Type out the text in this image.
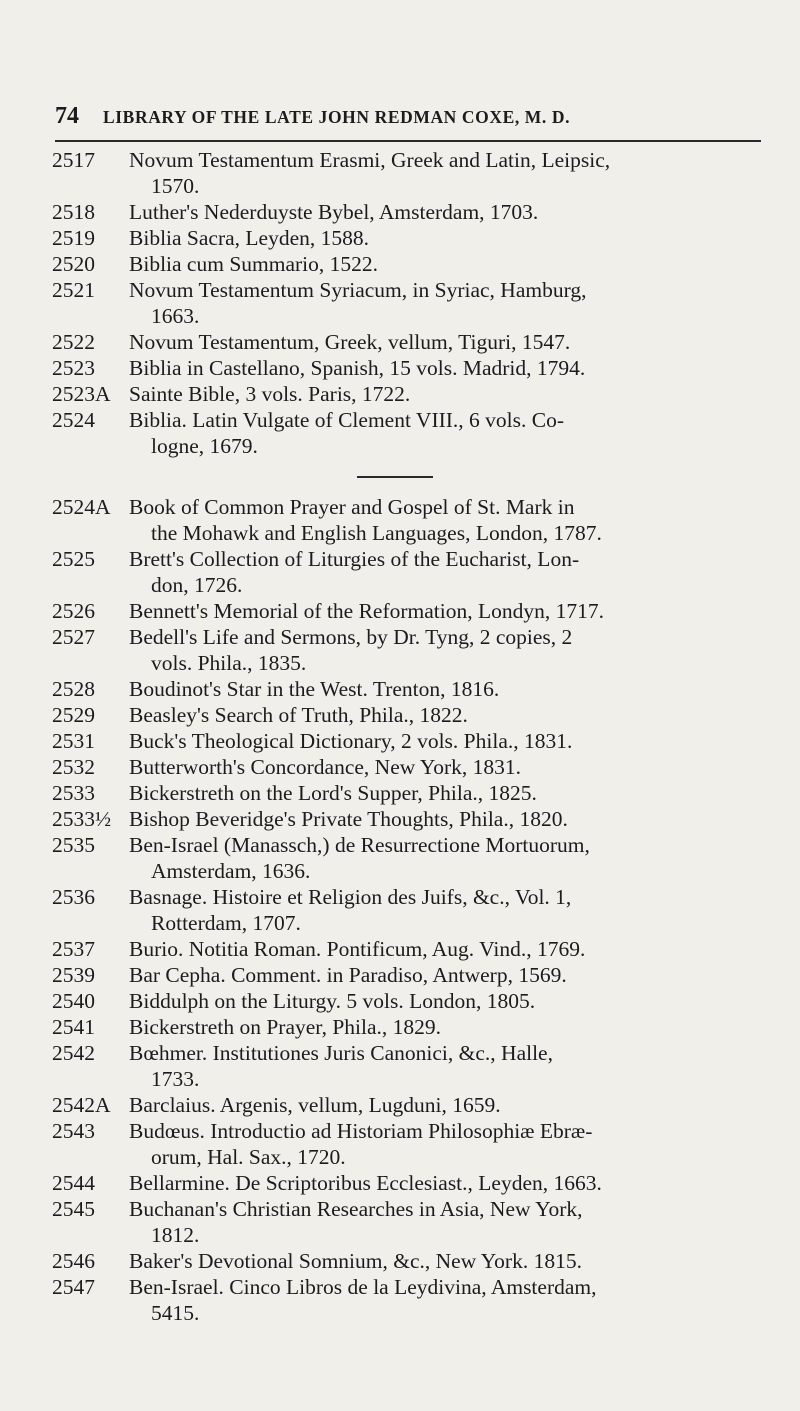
74	LIBRARY OF THE LATE JOHN REDMAN COXE, M. D.
2517	Novum Testamentum Erasmi, Greek and Latin, Leipsic,
1570.
2518	Luther's Nederduyste Bybel, Amsterdam, 1703.
2519	Biblia Sacra, Leyden, 1588.
2520	Biblia cum Summario, 1522.
2521	Novum Testamentum Syriacum, in Syriac, Hamburg,
1663.
2522	Novum Testamentum, Greek, vellum, Tiguri, 1547.
2523	Biblia in Castellano, Spanish, 15 vols. Madrid, 1794.
2523A Sainte Bible, 3 vols. Paris, 1722.
2524	Biblia. Latin Vulgate of Clement VIII., 6 vols. Co-
logne, 1679.
2524A Book of Common Prayer and Gospel of St. Mark in
the Mohawk and English Languages, London, 1787.
2525	Brett's Collection of Liturgies of the Eucharist, Lon-
don, 1726.
2526	Bennett's Memorial of the Reformation, Londyn, 1717.
2527	Bedell's Life and Sermons, by Dr. Tyng, 2 copies, 2
vols. Phila., 1835.
2528	Boudinot's Star in the West. Trenton, 1816.
2529	Beasley's Search of Truth, Phila., 1822.
2531	Buck's Theological Dictionary, 2 vols. Phila., 1831.
2532	Butterworth's Concordance, New York, 1831.
2533	Bickerstreth on the Lord's Supper, Phila., 1825.
2533½ Bishop Beveridge's Private Thoughts, Phila., 1820.
2535	Ben-Israel (Manassch,) de Resurrectione Mortuorum,
Amsterdam, 1636.
2536	Basnage. Histoire et Religion des Juifs, &c., Vol. 1,
Rotterdam, 1707.
2537	Burio. Notitia Roman. Pontificum, Aug. Vind., 1769.
2539	Bar Cepha. Comment. in Paradiso, Antwerp, 1569.
2540	Biddulph on the Liturgy. 5 vols. London, 1805.
2541	Bickerstreth on Prayer, Phila., 1829.
2542	Bœhmer. Institutiones Juris Canonici, &c., Halle,
1733.
2542A Barclaius. Argenis, vellum, Lugduni, 1659.
2543	Budœus. Introductio ad Historiam Philosophiæ Ebræ-
orum, Hal. Sax., 1720.
2544	Bellarmine. De Scriptoribus Ecclesiast., Leyden, 1663.
2545	Buchanan's Christian Researches in Asia, New York,
1812.
2546	Baker's Devotional Somnium, &c., New York. 1815.
2547	Ben-Israel. Cinco Libros de la Leydivina, Amsterdam,
5415.
